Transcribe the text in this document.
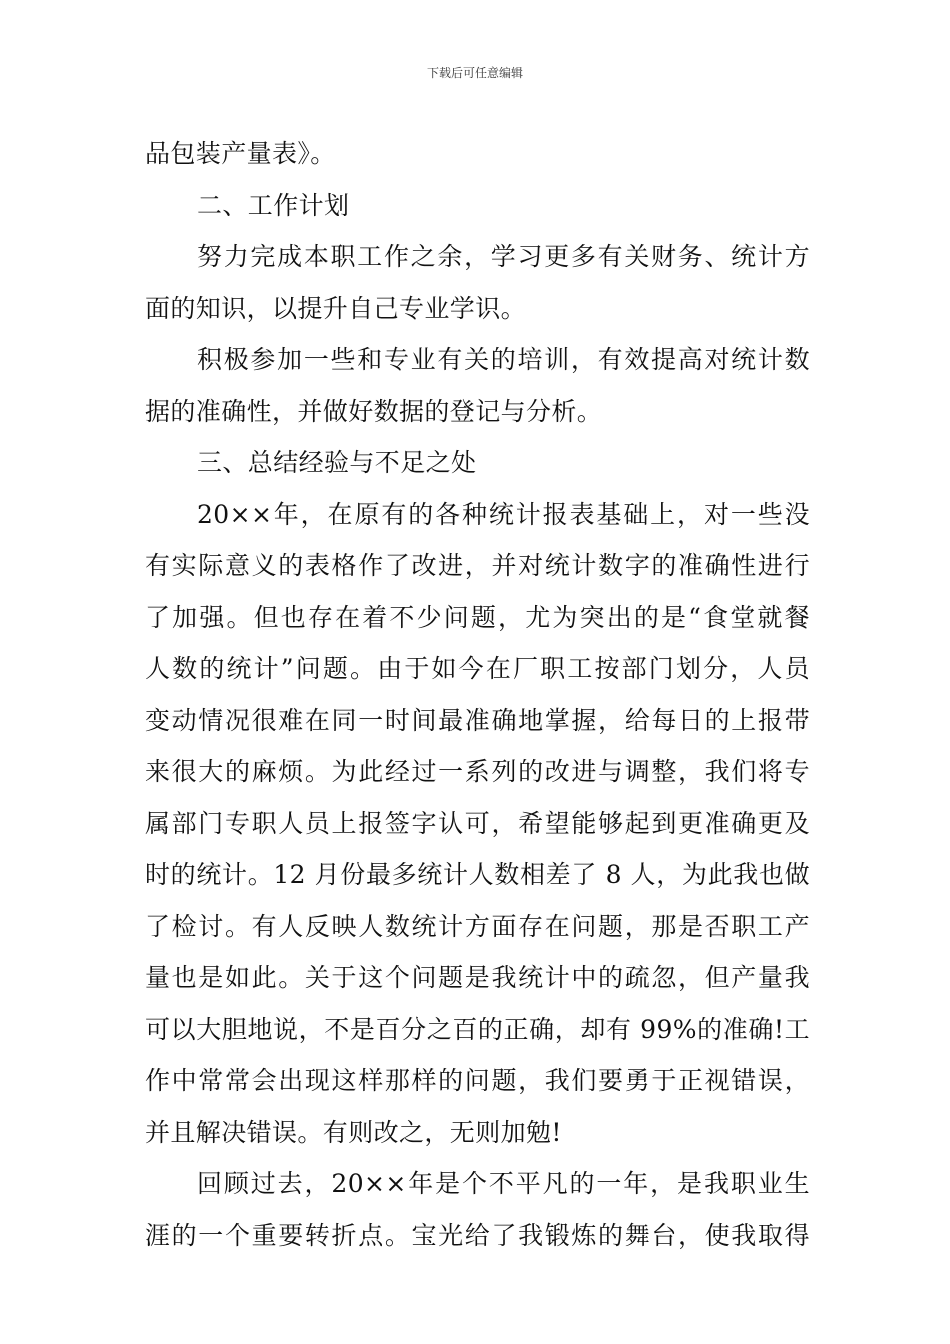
下载后可任意编辑
品包装产量表》。
二、工作计划
努力完成本职工作之余，学习更多有关财务、统计方
面的知识，以提升自己专业学识。
积极参加一些和专业有关的培训，有效提高对统计数
据的准确性，并做好数据的登记与分析。
三、总结经验与不足之处
20××年，在原有的各种统计报表基础上，对一些没
有实际意义的表格作了改进，并对统计数字的准确性进行
了加强。但也存在着不少问题，尤为突出的是“食堂就餐
人数的统计”问题。由于如今在厂职工按部门划分，人员
变动情况很难在同一时间最准确地掌握，给每日的上报带
来很大的麻烦。为此经过一系列的改进与调整，我们将专
属部门专职人员上报签字认可，希望能够起到更准确更及
时的统计。12 月份最多统计人数相差了 8 人，为此我也做
了检讨。有人反映人数统计方面存在问题，那是否职工产
量也是如此。关于这个问题是我统计中的疏忽，但产量我
可以大胆地说，不是百分之百的正确，却有 99%的准确!工
作中常常会出现这样那样的问题，我们要勇于正视错误，
并且解决错误。有则改之，无则加勉!
回顾过去，20××年是个不平凡的一年，是我职业生
涯的一个重要转折点。宝光给了我锻炼的舞台，使我取得
